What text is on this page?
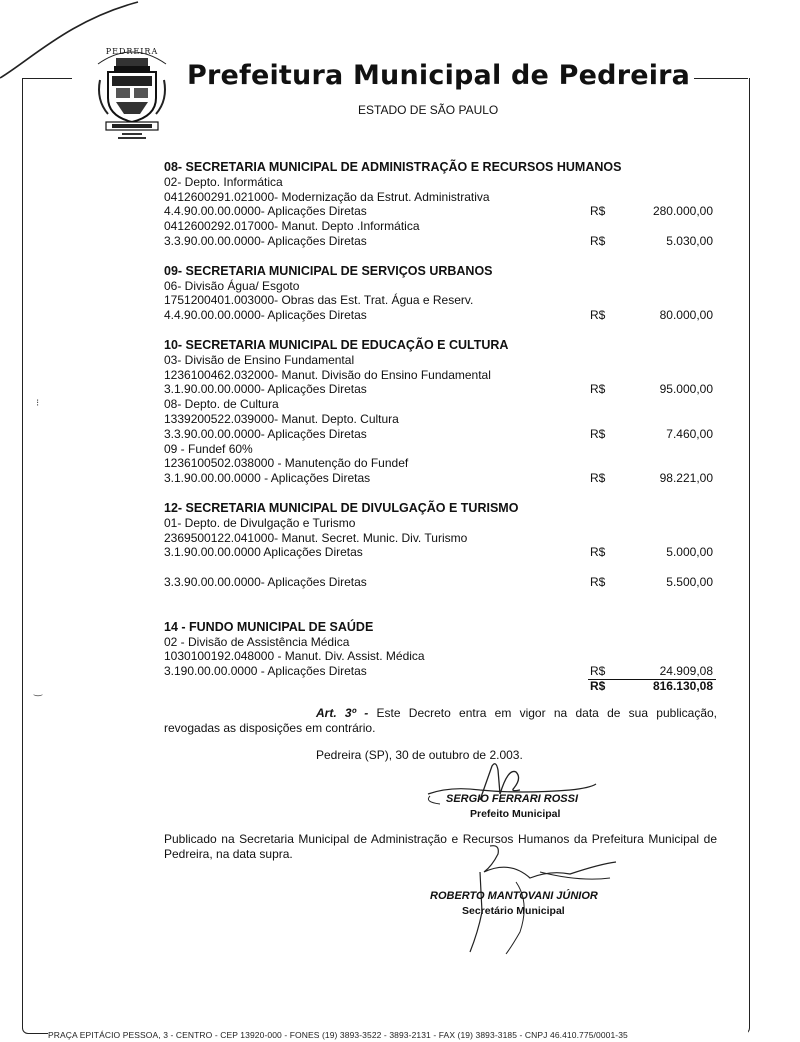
PEDREIRA
Prefeitura Municipal de Pedreira
ESTADO DE SÃO PAULO
08- SECRETARIA MUNICIPAL DE ADMINISTRAÇÃO E RECURSOS HUMANOS
02- Depto. Informática
0412600291.021000- Modernização da Estrut. Administrativa
4.4.90.00.00.0000- Aplicações Diretas	R$	280.000,00
0412600292.017000- Manut. Depto .Informática
3.3.90.00.00.0000- Aplicações Diretas	R$	5.030,00
09- SECRETARIA MUNICIPAL DE SERVIÇOS URBANOS
06- Divisão Água/ Esgoto
1751200401.003000- Obras das Est. Trat. Água e Reserv.
4.4.90.00.00.0000- Aplicações Diretas	R$	80.000,00
10- SECRETARIA MUNICIPAL DE EDUCAÇÃO E CULTURA
03- Divisão de Ensino Fundamental
1236100462.032000- Manut. Divisão do Ensino Fundamental
3.1.90.00.00.0000- Aplicações Diretas	R$	95.000,00
08- Depto. de Cultura
1339200522.039000- Manut. Depto. Cultura
3.3.90.00.00.0000- Aplicações Diretas	R$	7.460,00
09 - Fundef 60%
1236100502.038000 - Manutenção do Fundef
3.1.90.00.00.0000 - Aplicações Diretas	R$	98.221,00
12- SECRETARIA MUNICIPAL DE DIVULGAÇÃO E TURISMO
01- Depto. de Divulgação e Turismo
2369500122.041000- Manut. Secret. Munic. Div. Turismo
3.1.90.00.00.0000 Aplicações Diretas	R$	5.000,00
3.3.90.00.00.0000- Aplicações Diretas	R$	5.500,00
14 - FUNDO MUNICIPAL DE SAÚDE
02 - Divisão de Assistência Médica
1030100192.048000 - Manut. Div. Assist. Médica
3.190.00.00.0000 - Aplicações Diretas	R$	24.909,08
R$	816.130,08
Art. 3º - Este Decreto entra em vigor na data de sua publicação, revogadas as disposições em contrário.
Pedreira (SP), 30 de outubro de 2.003.
SERGIO FERRARI ROSSI
Prefeito Municipal
Publicado na Secretaria Municipal de Administração e Recursos Humanos da Prefeitura Municipal de Pedreira, na data supra.
ROBERTO MANTOVANI JÚNIOR
Secretário Municipal
PRAÇA EPITÁCIO PESSOA, 3 - CENTRO - CEP 13920-000 - FONES (19) 3893-3522 - 3893-2131 - FAX (19) 3893-3185 - CNPJ 46.410.775/0001-35
⁝
‿
